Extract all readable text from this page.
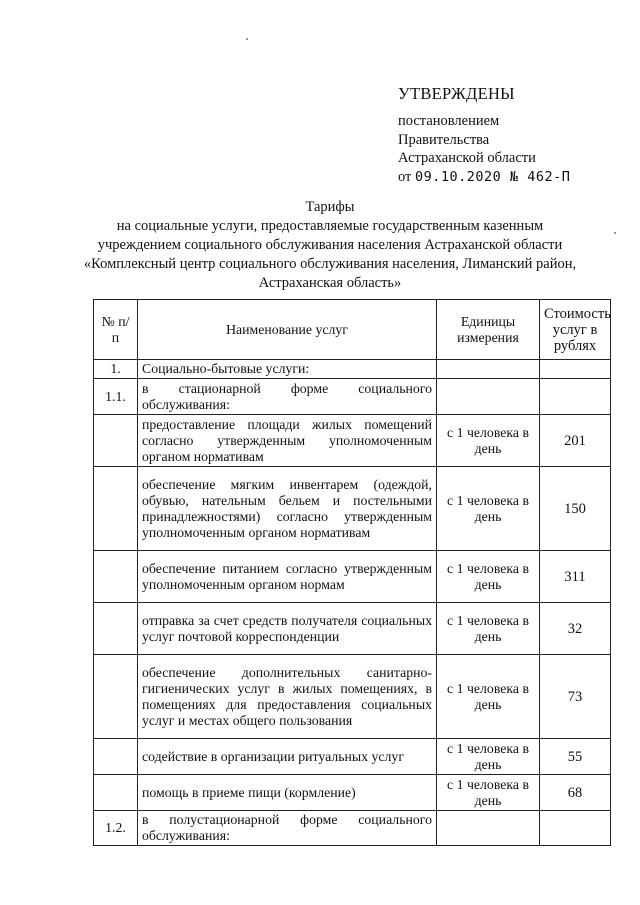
УТВЕРЖДЕНЫ
постановлением
Правительства
Астраханской области
от 09.10.2020 № 462-П
Тарифы
на социальные услуги, предоставляемые государственным казенным
учреждением социального обслуживания населения Астраханской области
«Комплексный центр социального обслуживания населения, Лиманский район,
Астраханская область»
№ п/п	Наименование услуг	Единицы измерения	Стоимость услуг в рублях
1.	Социально-бытовые услуги:		
1.1.	в стационарной форме социального обслуживания:		
	предоставление площади жилых помещений согласно утвержденным уполномоченным органом нормативам	с 1 человека в день	201
	обеспечение мягким инвентарем (одеждой, обувью, нательным бельем и постельными принадлежностями) согласно утвержденным уполномоченным органом нормативам	с 1 человека в день	150
	обеспечение питанием согласно утвержденным уполномоченным органом нормам	с 1 человека в день	311
	отправка за счет средств получателя социальных услуг почтовой корреспонденции	с 1 человека в день	32
	обеспечение дополнительных санитарно-гигиенических услуг в жилых помещениях, в помещениях для предоставления социальных услуг и местах общего пользования	с 1 человека в день	73
	содействие в организации ритуальных услуг	с 1 человека в день	55
	помощь в приеме пищи (кормление)	с 1 человека в день	68
1.2.	в полустационарной форме социального обслуживания:		
